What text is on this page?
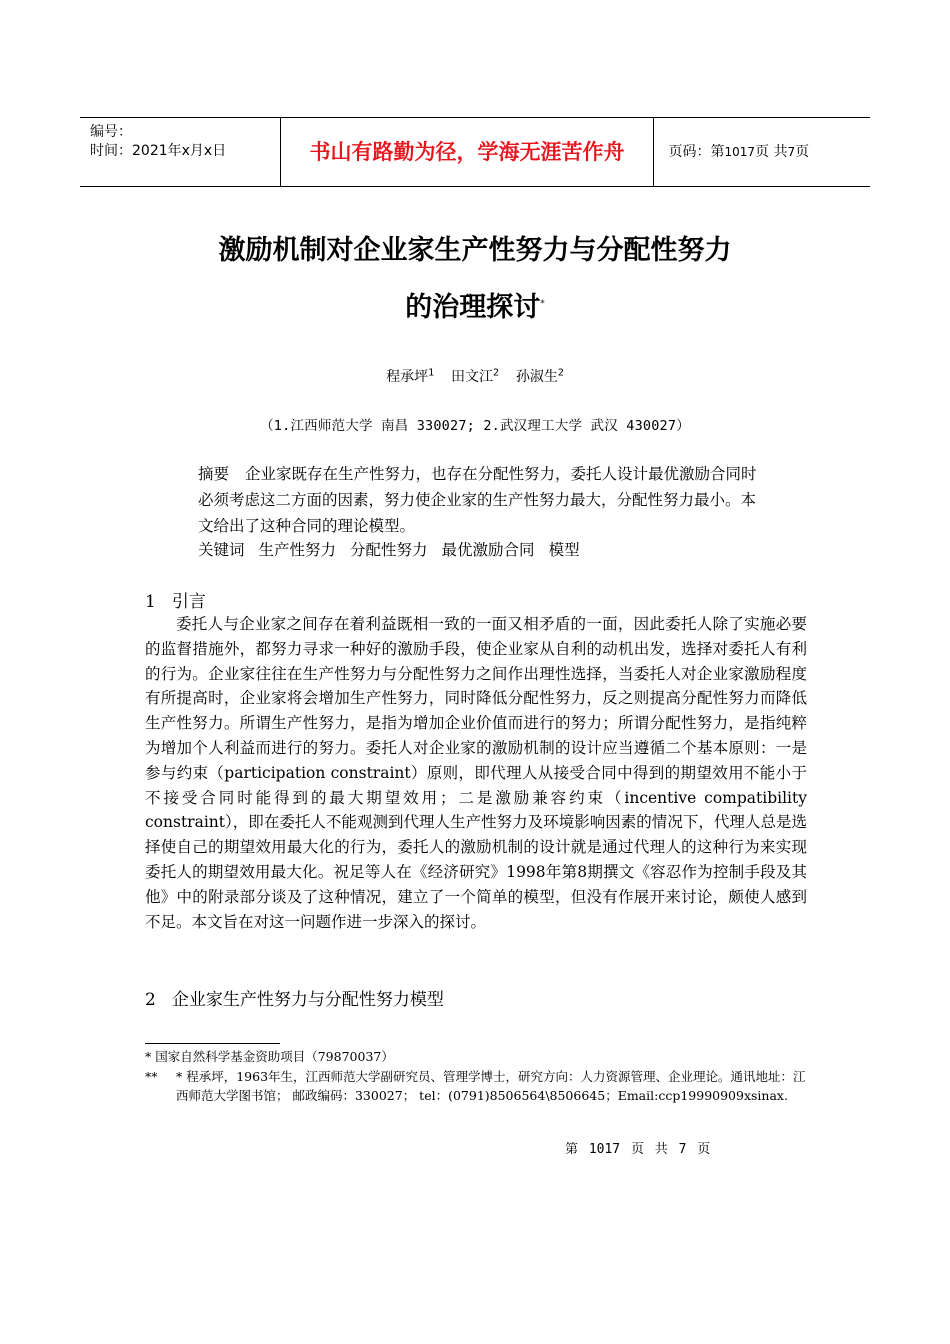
编号：
时间：2021年x月x日	书山有路勤为径，学海无涯苦作舟	页码：第1017页 共7页
激励机制对企业家生产性努力与分配性努力
的治理探讨*
程承坪$^1$ 田文江$^2$ 孙淑生$^2$
（1.江西师范大学 南昌 330027; 2.武汉理工大学 武汉 430027）
摘要 企业家既存在生产性努力，也存在分配性努力，委托人设计最优激励合同时必须考虑这二方面的因素，努力使企业家的生产性努力最大，分配性努力最小。本文给出了这种合同的理论模型。
关键词 生产性努力 分配性努力 最优激励合同 模型
1 引言

委托人与企业家之间存在着利益既相一致的一面又相矛盾的一面，因此委托人除了实施必要的监督措施外，都努力寻求一种好的激励手段，使企业家从自利的动机出发，选择对委托人有利的行为。企业家往往在生产性努力与分配性努力之间作出理性选择，当委托人对企业家激励程度有所提高时，企业家将会增加生产性努力，同时降低分配性努力，反之则提高分配性努力而降低生产性努力。所谓生产性努力，是指为增加企业价值而进行的努力；所谓分配性努力，是指纯粹为增加个人利益而进行的努力。委托人对企业家的激励机制的设计应当遵循二个基本原则：一是参与约束（participation constraint）原则，即代理人从接受合同中得到的期望效用不能小于不接受合同时能得到的最大期望效用；二是激励兼容约束（incentive compatibility constraint），即在委托人不能观测到代理人生产性努力及环境影响因素的情况下，代理人总是选择使自己的期望效用最大化的行为，委托人的激励机制的设计就是通过代理人的这种行为来实现委托人的期望效用最大化。祝足等人在《经济研究》1998年第8期撰文《容忍作为控制手段及其他》中的附录部分谈及了这种情况，建立了一个简单的模型，但没有作展开来讨论，颇使人感到不足。本文旨在对这一问题作进一步深入的探讨。

2 企业家生产性努力与分配性努力模型
* 国家自然科学基金资助项目（79870037）
** * 程承坪，1963年生，江西师范大学副研究员、管理学博士，研究方向：人力资源管理、企业理论。通讯地址：江西师范大学图书馆； 邮政编码：330027； tel：(0791)8506564\8506645；Email:ccp19990909xsinax.
第 1017 页 共 7 页
